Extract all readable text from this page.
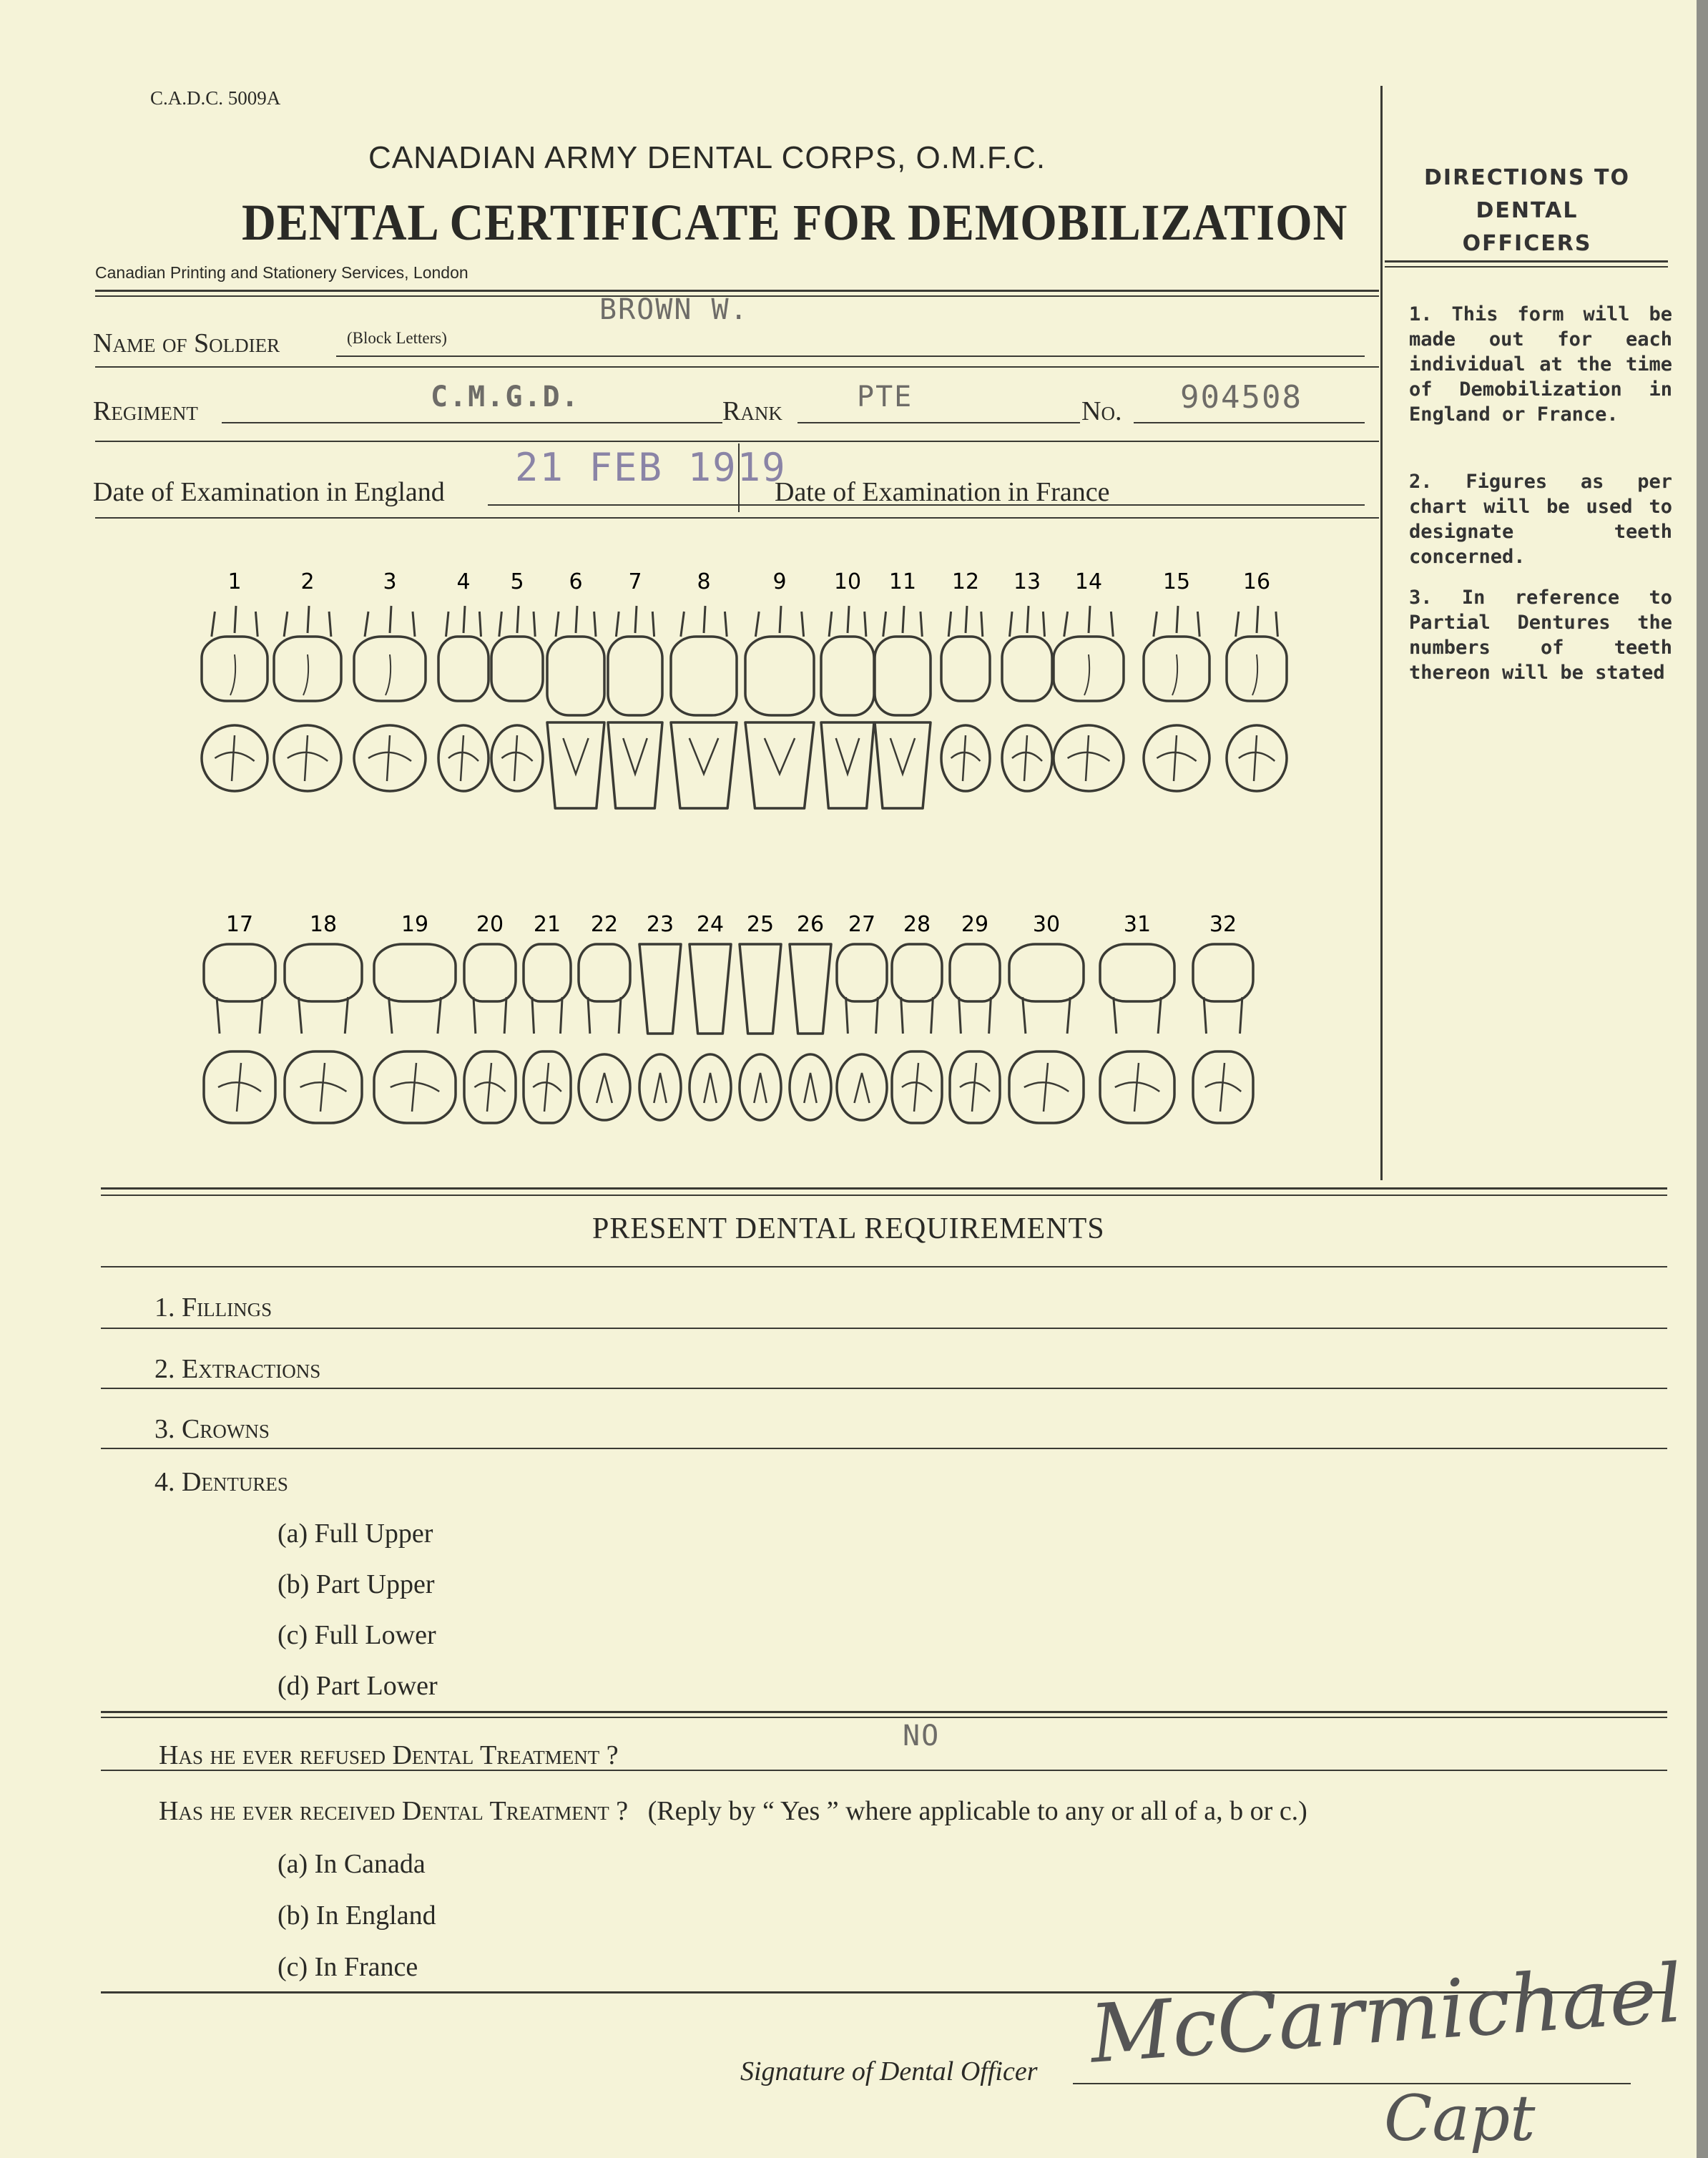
C.A.D.C. 5009A
CANADIAN ARMY DENTAL CORPS, O.M.F.C.
DENTAL CERTIFICATE FOR DEMOBILIZATION
Canadian Printing and Stationery Services, London
DIRECTIONS TO DENTAL OFFICERS
1. This form will be made out for each individual at the time of Demobilization in England or France.
2. Figures as per chart will be used to designate teeth concerned.
3. In reference to Partial Dentures the numbers of teeth thereon will be stated
Name of Soldier	(Block Letters)
BROWN W.
Regiment	C.M.G.D.	Rank	PTE	No. 904508
Date of Examination in England
21 FEB 1919
Date of Examination in France
1	2	3	4 5 6 7	8	9 10 11 12 13 14	15 16
17	18	19 20 21 22 23 24 25 26 27 28 29 30	31	32
PRESENT DENTAL REQUIREMENTS
1. Fillings
2. Extractions
3. Crowns
4. Dentures
(a) Full Upper
(b) Part Upper
(c) Full Lower
(d) Part Lower
Has he ever refused Dental Treatment ?
NO
Has he ever received Dental Treatment ? (Reply by “ Yes ” where applicable to any or all of a, b or c.)
(a) In Canada
(b) In England
(c) In France
Signature of Dental Officer McCarmichael
Capt
